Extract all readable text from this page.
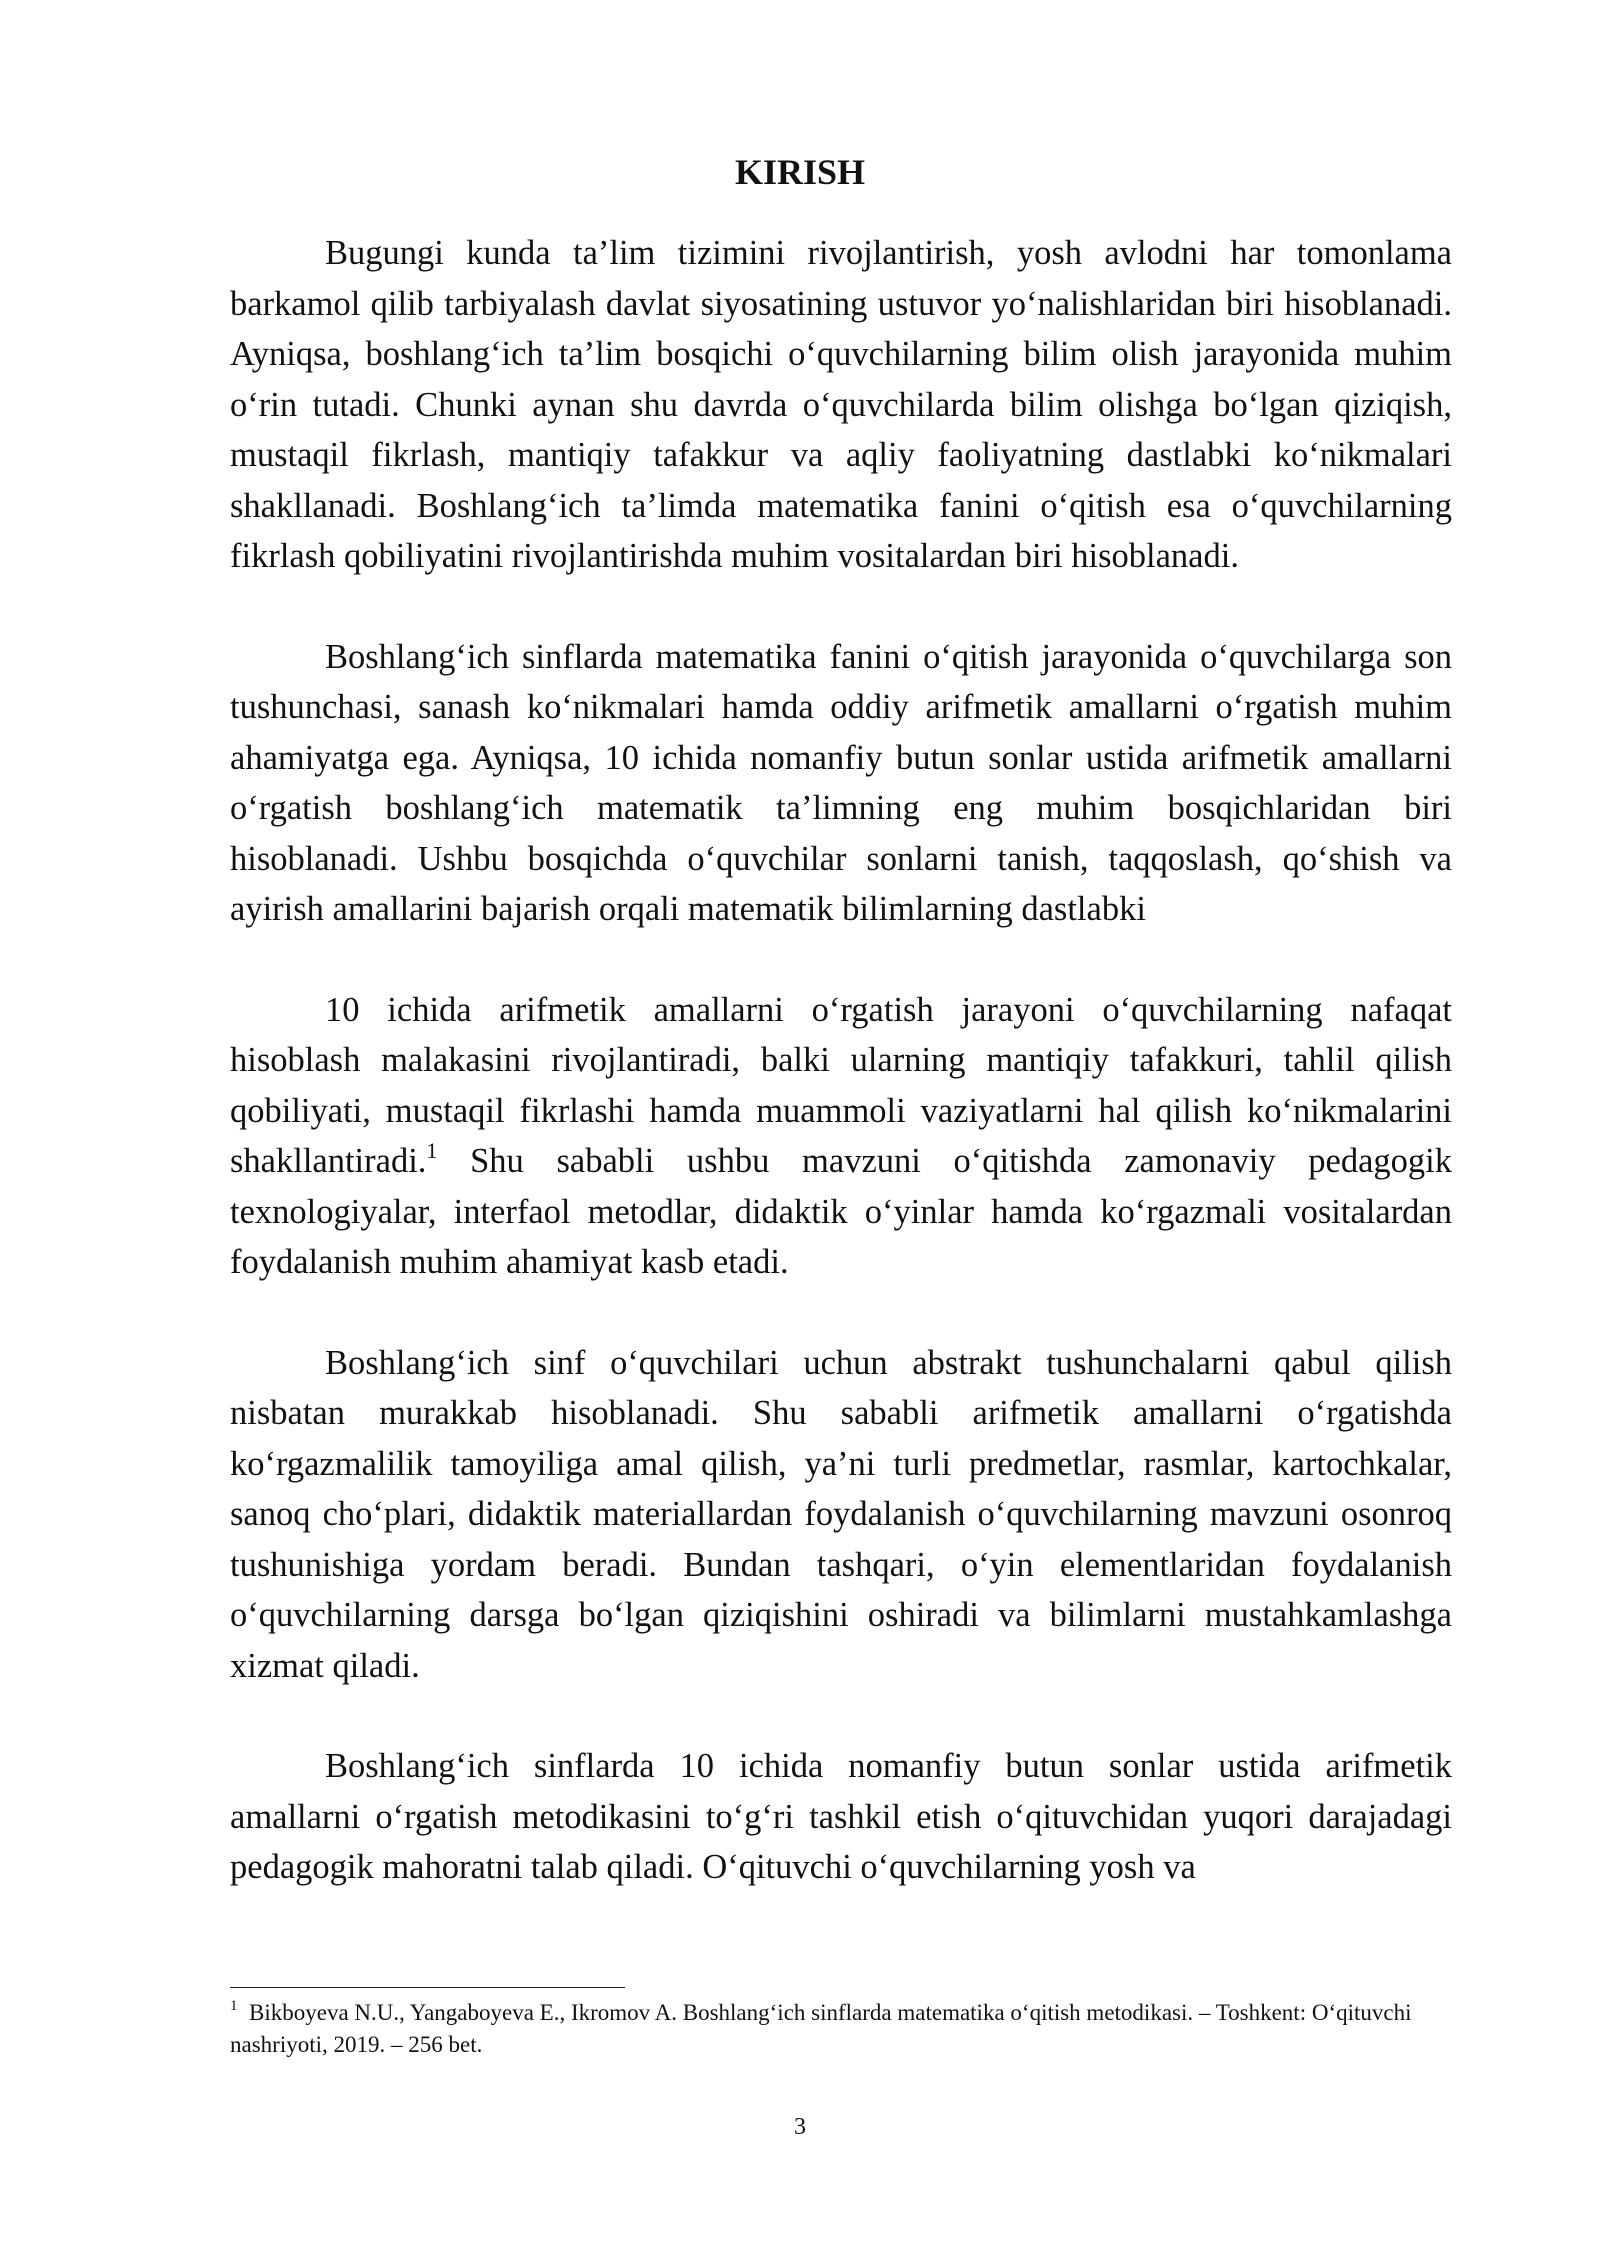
KIRISH

Bugungi kunda ta’lim tizimini rivojlantirish, yosh avlodni har tomonlama barkamol qilib tarbiyalash davlat siyosatining ustuvor yo‘nalishlaridan biri hisoblanadi. Ayniqsa, boshlang‘ich ta’lim bosqichi o‘quvchilarning bilim olish jarayonida muhim o‘rin tutadi. Chunki aynan shu davrda o‘quvchilarda bilim olishga bo‘lgan qiziqish, mustaqil fikrlash, mantiqiy tafakkur va aqliy faoliyatning dastlabki ko‘nikmalari shakllanadi. Boshlang‘ich ta’limda matematika fanini o‘qitish esa o‘quvchilarning fikrlash qobiliyatini rivojlantirishda muhim vositalardan biri hisoblanadi.

Boshlang‘ich sinflarda matematika fanini o‘qitish jarayonida o‘quvchilarga son tushunchasi, sanash ko‘nikmalari hamda oddiy arifmetik amallarni o‘rgatish muhim ahamiyatga ega. Ayniqsa, 10 ichida nomanfiy butun sonlar ustida arifmetik amallarni o‘rgatish boshlang‘ich matematik ta’limning eng muhim bosqichlaridan biri hisoblanadi. Ushbu bosqichda o‘quvchilar sonlarni tanish, taqqoslash, qo‘shish va ayirish amallarini bajarish orqali matematik bilimlarning dastlabki

10 ichida arifmetik amallarni o‘rgatish jarayoni o‘quvchilarning nafaqat hisoblash malakasini rivojlantiradi, balki ularning mantiqiy tafakkuri, tahlil qilish qobiliyati, mustaqil fikrlashi hamda muammoli vaziyatlarni hal qilish ko‘nikmalarini shakllantiradi.$^1$ Shu sababli ushbu mavzuni o‘qitishda zamonaviy pedagogik texnologiyalar, interfaol metodlar, didaktik o‘yinlar hamda ko‘rgazmali vositalardan foydalanish muhim ahamiyat kasb etadi.

Boshlang‘ich sinf o‘quvchilari uchun abstrakt tushunchalarni qabul qilish nisbatan murakkab hisoblanadi. Shu sababli arifmetik amallarni o‘rgatishda ko‘rgazmalilik tamoyiliga amal qilish, ya’ni turli predmetlar, rasmlar, kartochkalar, sanoq cho‘plari, didaktik materiallardan foydalanish o‘quvchilarning mavzuni osonroq tushunishiga yordam beradi. Bundan tashqari, o‘yin elementlaridan foydalanish o‘quvchilarning darsga bo‘lgan qiziqishini oshiradi va bilimlarni mustahkamlashga xizmat qiladi.

Boshlang‘ich sinflarda 10 ichida nomanfiy butun sonlar ustida arifmetik amallarni o‘rgatish metodikasini to‘g‘ri tashkil etish o‘qituvchidan yuqori darajadagi pedagogik mahoratni talab qiladi. O‘qituvchi o‘quvchilarning yosh va

$^1$ Bikboyeva N.U., Yangaboyeva E., Ikromov A. Boshlang‘ich sinflarda matematika o‘qitish metodikasi. – Toshkent: O‘qituvchi nashriyoti, 2019. – 256 bet.

3
